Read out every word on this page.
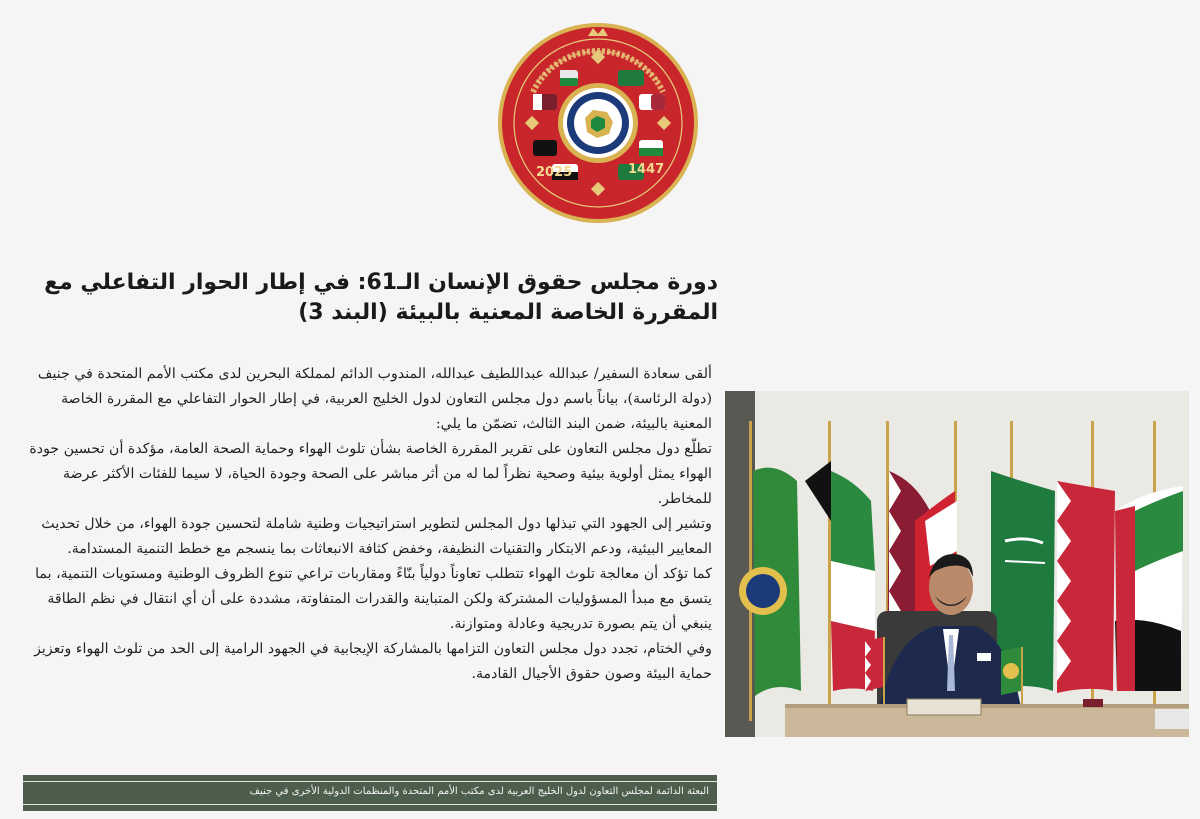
2025	1447
دورة مجلس حقوق الإنسان الـ61: في إطار الحوار التفاعلي مع المقررة الخاصة المعنية بالبيئة (البند 3)

ألقى سعادة السفير/ عبدالله عبداللطيف عبدالله، المندوب الدائم لمملكة البحرين لدى مكتب الأمم المتحدة في جنيف (دولة الرئاسة)، بياناً باسم دول مجلس التعاون لدول الخليج العربية، في إطار الحوار التفاعلي مع المقررة الخاصة المعنية بالبيئة، ضمن البند الثالث، تضمّن ما يلي:

تطلّع دول مجلس التعاون على تقرير المقررة الخاصة بشأن تلوث الهواء وحماية الصحة العامة، مؤكدة أن تحسين جودة الهواء يمثل أولوية بيئية وصحية نظراً لما له من أثر مباشر على الصحة وجودة الحياة، لا سيما للفئات الأكثر عرضة للمخاطر.

وتشير إلى الجهود التي تبذلها دول المجلس لتطوير استراتيجيات وطنية شاملة لتحسين جودة الهواء، من خلال تحديث المعايير البيئية، ودعم الابتكار والتقنيات النظيفة، وخفض كثافة الانبعاثات بما ينسجم مع خطط التنمية المستدامة.

كما تؤكد أن معالجة تلوث الهواء تتطلب تعاوناً دولياً بنّاءً ومقاربات تراعي تنوع الظروف الوطنية ومستويات التنمية، بما يتسق مع مبدأ المسؤوليات المشتركة ولكن المتباينة والقدرات المتفاوتة، مشددة على أن أي انتقال في نظم الطاقة ينبغي أن يتم بصورة تدريجية وعادلة ومتوازنة.

وفي الختام، تجدد دول مجلس التعاون التزامها بالمشاركة الإيجابية في الجهود الرامية إلى الحد من تلوث الهواء وتعزيز حماية البيئة وصون حقوق الأجيال القادمة.

البعثة الدائمة لمجلس التعاون لدول الخليج العربية لدى مكتب الأمم المتحدة والمنظمات الدولية الأخرى في جنيف
